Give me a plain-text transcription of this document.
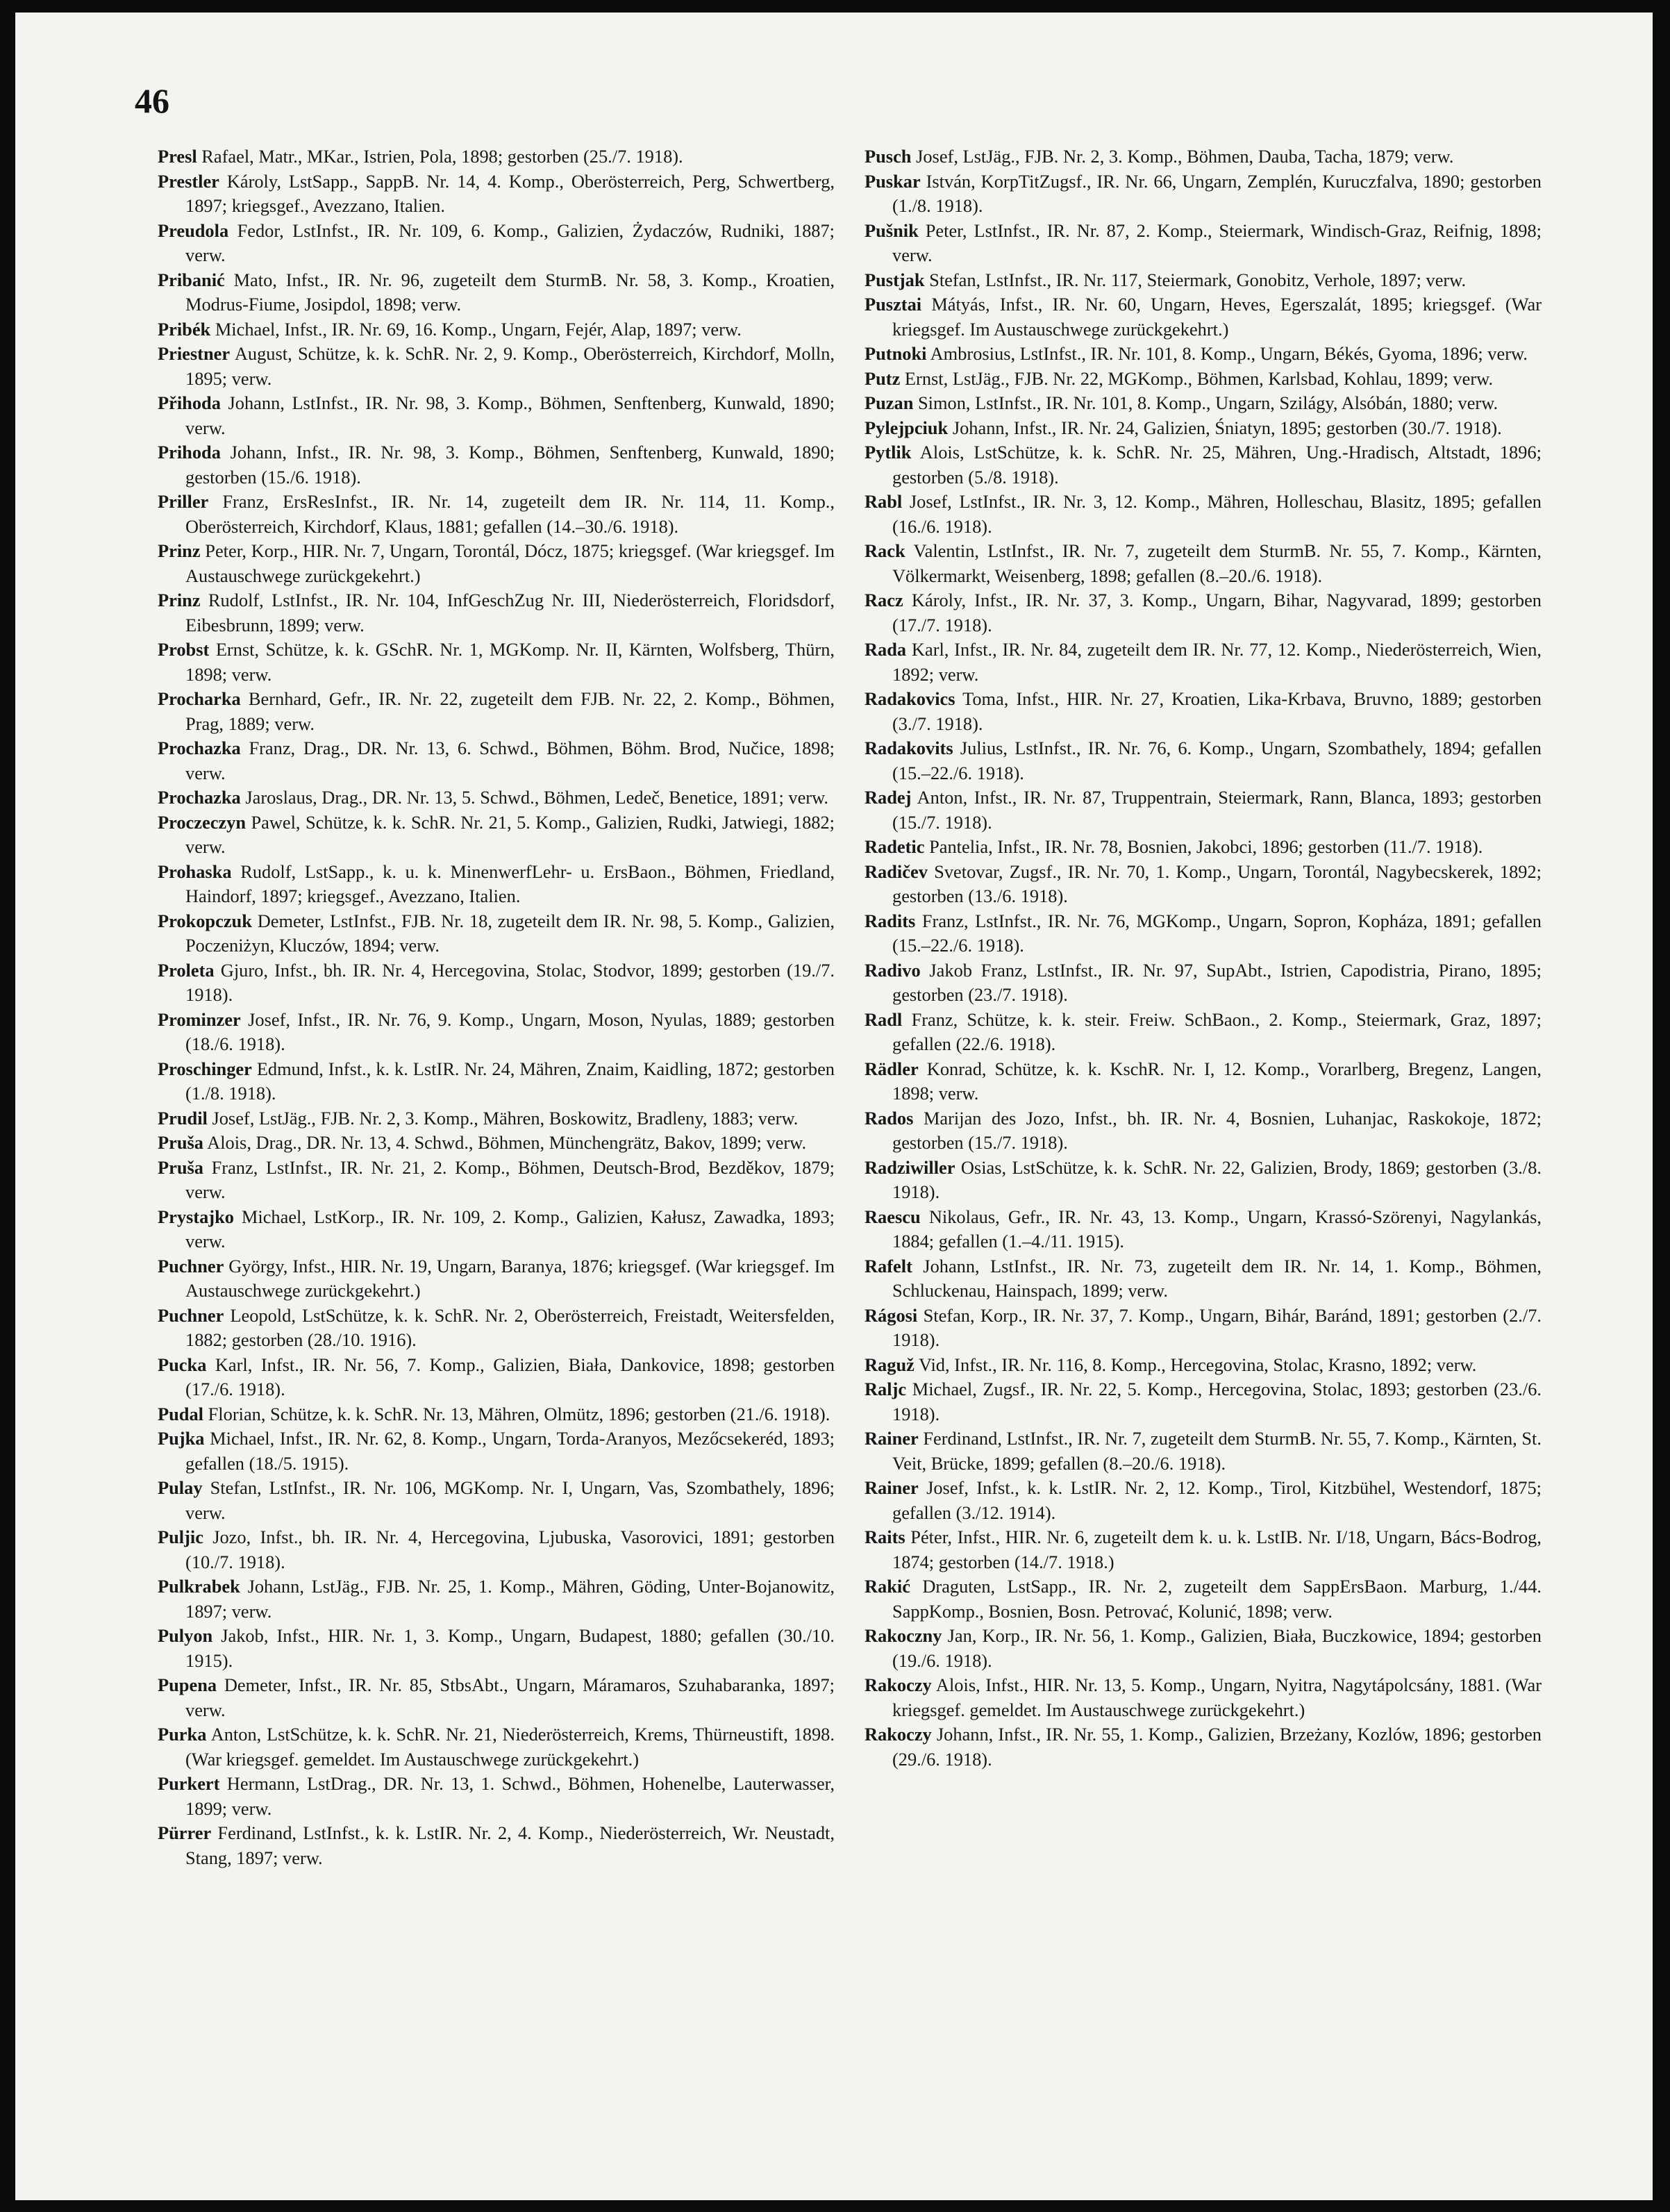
46

Presl Rafael, Matr., MKar., Istrien, Pola, 1898; gestorben (25./7. 1918).

Prestler Károly, LstSapp., SappB. Nr. 14, 4. Komp., Oberösterreich, Perg, Schwertberg, 1897; kriegsgef., Avezzano, Italien.

Preudola Fedor, LstInfst., IR. Nr. 109, 6. Komp., Galizien, Żydaczów, Rudniki, 1887; verw.

Pribanić Mato, Infst., IR. Nr. 96, zugeteilt dem SturmB. Nr. 58, 3. Komp., Kroatien, Modrus-Fiume, Josipdol, 1898; verw.

Pribék Michael, Infst., IR. Nr. 69, 16. Komp., Ungarn, Fejér, Alap, 1897; verw.

Priestner August, Schütze, k. k. SchR. Nr. 2, 9. Komp., Oberösterreich, Kirchdorf, Molln, 1895; verw.

Přihoda Johann, LstInfst., IR. Nr. 98, 3. Komp., Böhmen, Senftenberg, Kunwald, 1890; verw.

Prihoda Johann, Infst., IR. Nr. 98, 3. Komp., Böhmen, Senftenberg, Kunwald, 1890; gestorben (15./6. 1918).

Priller Franz, ErsResInfst., IR. Nr. 14, zugeteilt dem IR. Nr. 114, 11. Komp., Oberösterreich, Kirchdorf, Klaus, 1881; gefallen (14.–30./6. 1918).

Prinz Peter, Korp., HIR. Nr. 7, Ungarn, Torontál, Dócz, 1875; kriegsgef. (War kriegsgef. Im Austauschwege zurückgekehrt.)

Prinz Rudolf, LstInfst., IR. Nr. 104, InfGeschZug Nr. III, Niederösterreich, Floridsdorf, Eibesbrunn, 1899; verw.

Probst Ernst, Schütze, k. k. GSchR. Nr. 1, MGKomp. Nr. II, Kärnten, Wolfsberg, Thürn, 1898; verw.

Procharka Bernhard, Gefr., IR. Nr. 22, zugeteilt dem FJB. Nr. 22, 2. Komp., Böhmen, Prag, 1889; verw.

Prochazka Franz, Drag., DR. Nr. 13, 6. Schwd., Böhmen, Böhm. Brod, Nučice, 1898; verw.

Prochazka Jaroslaus, Drag., DR. Nr. 13, 5. Schwd., Böhmen, Ledeč, Benetice, 1891; verw.

Proczeczyn Pawel, Schütze, k. k. SchR. Nr. 21, 5. Komp., Galizien, Rudki, Jatwiegi, 1882; verw.

Prohaska Rudolf, LstSapp., k. u. k. MinenwerfLehr- u. ErsBaon., Böhmen, Friedland, Haindorf, 1897; kriegsgef., Avezzano, Italien.

Prokopczuk Demeter, LstInfst., FJB. Nr. 18, zugeteilt dem IR. Nr. 98, 5. Komp., Galizien, Poczeniżyn, Kluczów, 1894; verw.

Proleta Gjuro, Infst., bh. IR. Nr. 4, Hercegovina, Stolac, Stodvor, 1899; gestorben (19./7. 1918).

Prominzer Josef, Infst., IR. Nr. 76, 9. Komp., Ungarn, Moson, Nyulas, 1889; gestorben (18./6. 1918).

Proschinger Edmund, Infst., k. k. LstIR. Nr. 24, Mähren, Znaim, Kaidling, 1872; gestorben (1./8. 1918).

Prudil Josef, LstJäg., FJB. Nr. 2, 3. Komp., Mähren, Boskowitz, Bradleny, 1883; verw.

Pruša Alois, Drag., DR. Nr. 13, 4. Schwd., Böhmen, Münchengrätz, Bakov, 1899; verw.

Pruša Franz, LstInfst., IR. Nr. 21, 2. Komp., Böhmen, Deutsch-Brod, Bezděkov, 1879; verw.

Prystajko Michael, LstKorp., IR. Nr. 109, 2. Komp., Galizien, Kałusz, Zawadka, 1893; verw.

Puchner György, Infst., HIR. Nr. 19, Ungarn, Baranya, 1876; kriegsgef. (War kriegsgef. Im Austauschwege zurückgekehrt.)

Puchner Leopold, LstSchütze, k. k. SchR. Nr. 2, Oberösterreich, Freistadt, Weitersfelden, 1882; gestorben (28./10. 1916).

Pucka Karl, Infst., IR. Nr. 56, 7. Komp., Galizien, Biała, Dankovice, 1898; gestorben (17./6. 1918).

Pudal Florian, Schütze, k. k. SchR. Nr. 13, Mähren, Olmütz, 1896; gestorben (21./6. 1918).

Pujka Michael, Infst., IR. Nr. 62, 8. Komp., Ungarn, Torda-Aranyos, Mezőcsekeréd, 1893; gefallen (18./5. 1915).

Pulay Stefan, LstInfst., IR. Nr. 106, MGKomp. Nr. I, Ungarn, Vas, Szombathely, 1896; verw.

Puljic Jozo, Infst., bh. IR. Nr. 4, Hercegovina, Ljubuska, Vasorovici, 1891; gestorben (10./7. 1918).

Pulkrabek Johann, LstJäg., FJB. Nr. 25, 1. Komp., Mähren, Göding, Unter-Bojanowitz, 1897; verw.

Pulyon Jakob, Infst., HIR. Nr. 1, 3. Komp., Ungarn, Budapest, 1880; gefallen (30./10. 1915).

Pupena Demeter, Infst., IR. Nr. 85, StbsAbt., Ungarn, Máramaros, Szuhabaranka, 1897; verw.

Purka Anton, LstSchütze, k. k. SchR. Nr. 21, Niederösterreich, Krems, Thürneustift, 1898. (War kriegsgef. gemeldet. Im Austauschwege zurückgekehrt.)

Purkert Hermann, LstDrag., DR. Nr. 13, 1. Schwd., Böhmen, Hohenelbe, Lauterwasser, 1899; verw.

Pürrer Ferdinand, LstInfst., k. k. LstIR. Nr. 2, 4. Komp., Niederösterreich, Wr. Neustadt, Stang, 1897; verw.

Pusch Josef, LstJäg., FJB. Nr. 2, 3. Komp., Böhmen, Dauba, Tacha, 1879; verw.

Puskar István, KorpTitZugsf., IR. Nr. 66, Ungarn, Zemplén, Kuruczfalva, 1890; gestorben (1./8. 1918).

Pušnik Peter, LstInfst., IR. Nr. 87, 2. Komp., Steiermark, Windisch-Graz, Reifnig, 1898; verw.

Pustjak Stefan, LstInfst., IR. Nr. 117, Steiermark, Gonobitz, Verhole, 1897; verw.

Pusztai Mátyás, Infst., IR. Nr. 60, Ungarn, Heves, Egerszalát, 1895; kriegsgef. (War kriegsgef. Im Austauschwege zurückgekehrt.)

Putnoki Ambrosius, LstInfst., IR. Nr. 101, 8. Komp., Ungarn, Békés, Gyoma, 1896; verw.

Putz Ernst, LstJäg., FJB. Nr. 22, MGKomp., Böhmen, Karlsbad, Kohlau, 1899; verw.

Puzan Simon, LstInfst., IR. Nr. 101, 8. Komp., Ungarn, Szilágy, Alsóbán, 1880; verw.

Pylejpciuk Johann, Infst., IR. Nr. 24, Galizien, Śniatyn, 1895; gestorben (30./7. 1918).

Pytlik Alois, LstSchütze, k. k. SchR. Nr. 25, Mähren, Ung.-Hradisch, Altstadt, 1896; gestorben (5./8. 1918).

Rabl Josef, LstInfst., IR. Nr. 3, 12. Komp., Mähren, Holleschau, Blasitz, 1895; gefallen (16./6. 1918).

Rack Valentin, LstInfst., IR. Nr. 7, zugeteilt dem SturmB. Nr. 55, 7. Komp., Kärnten, Völkermarkt, Weisenberg, 1898; gefallen (8.–20./6. 1918).

Racz Károly, Infst., IR. Nr. 37, 3. Komp., Ungarn, Bihar, Nagyvarad, 1899; gestorben (17./7. 1918).

Rada Karl, Infst., IR. Nr. 84, zugeteilt dem IR. Nr. 77, 12. Komp., Niederösterreich, Wien, 1892; verw.

Radakovics Toma, Infst., HIR. Nr. 27, Kroatien, Lika-Krbava, Bruvno, 1889; gestorben (3./7. 1918).

Radakovits Julius, LstInfst., IR. Nr. 76, 6. Komp., Ungarn, Szombathely, 1894; gefallen (15.–22./6. 1918).

Radej Anton, Infst., IR. Nr. 87, Truppentrain, Steiermark, Rann, Blanca, 1893; gestorben (15./7. 1918).

Radetic Pantelia, Infst., IR. Nr. 78, Bosnien, Jakobci, 1896; gestorben (11./7. 1918).

Radičev Svetovar, Zugsf., IR. Nr. 70, 1. Komp., Ungarn, Torontál, Nagybecskerek, 1892; gestorben (13./6. 1918).

Radits Franz, LstInfst., IR. Nr. 76, MGKomp., Ungarn, Sopron, Kopháza, 1891; gefallen (15.–22./6. 1918).

Radivo Jakob Franz, LstInfst., IR. Nr. 97, SupAbt., Istrien, Capodistria, Pirano, 1895; gestorben (23./7. 1918).

Radl Franz, Schütze, k. k. steir. Freiw. SchBaon., 2. Komp., Steiermark, Graz, 1897; gefallen (22./6. 1918).

Rädler Konrad, Schütze, k. k. KschR. Nr. I, 12. Komp., Vorarlberg, Bregenz, Langen, 1898; verw.

Rados Marijan des Jozo, Infst., bh. IR. Nr. 4, Bosnien, Luhanjac, Raskokoje, 1872; gestorben (15./7. 1918).

Radziwiller Osias, LstSchütze, k. k. SchR. Nr. 22, Galizien, Brody, 1869; gestorben (3./8. 1918).

Raescu Nikolaus, Gefr., IR. Nr. 43, 13. Komp., Ungarn, Krassó-Szörenyi, Nagylankás, 1884; gefallen (1.–4./11. 1915).

Rafelt Johann, LstInfst., IR. Nr. 73, zugeteilt dem IR. Nr. 14, 1. Komp., Böhmen, Schluckenau, Hainspach, 1899; verw.

Rágosi Stefan, Korp., IR. Nr. 37, 7. Komp., Ungarn, Bihár, Baránd, 1891; gestorben (2./7. 1918).

Raguž Vid, Infst., IR. Nr. 116, 8. Komp., Hercegovina, Stolac, Krasno, 1892; verw.

Raljc Michael, Zugsf., IR. Nr. 22, 5. Komp., Hercegovina, Stolac, 1893; gestorben (23./6. 1918).

Rainer Ferdinand, LstInfst., IR. Nr. 7, zugeteilt dem SturmB. Nr. 55, 7. Komp., Kärnten, St. Veit, Brücke, 1899; gefallen (8.–20./6. 1918).

Rainer Josef, Infst., k. k. LstIR. Nr. 2, 12. Komp., Tirol, Kitzbühel, Westendorf, 1875; gefallen (3./12. 1914).

Raits Péter, Infst., HIR. Nr. 6, zugeteilt dem k. u. k. LstIB. Nr. I/18, Ungarn, Bács-Bodrog, 1874; gestorben (14./7. 1918.)

Rakić Draguten, LstSapp., IR. Nr. 2, zugeteilt dem SappErsBaon. Marburg, 1./44. SappKomp., Bosnien, Bosn. Petrovać, Kolunić, 1898; verw.

Rakoczny Jan, Korp., IR. Nr. 56, 1. Komp., Galizien, Biała, Buczkowice, 1894; gestorben (19./6. 1918).

Rakoczy Alois, Infst., HIR. Nr. 13, 5. Komp., Ungarn, Nyitra, Nagytápolcsány, 1881. (War kriegsgef. gemeldet. Im Austauschwege zurückgekehrt.)

Rakoczy Johann, Infst., IR. Nr. 55, 1. Komp., Galizien, Brzeżany, Kozlów, 1896; gestorben (29./6. 1918).
